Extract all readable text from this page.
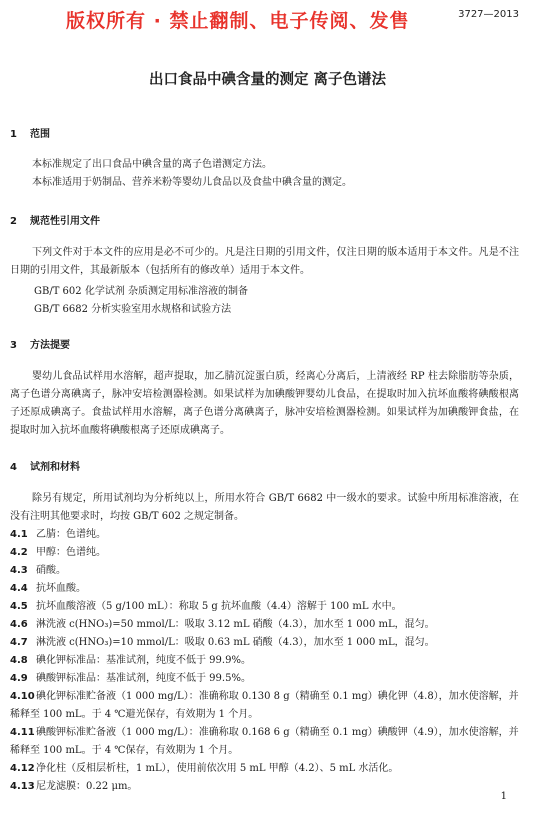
版权所有 · 禁止翻制、电子传阅、发售	3727—2013
出口食品中碘含量的测定 离子色谱法
1 范围
本标准规定了出口食品中碘含量的离子色谱测定方法。
本标准适用于奶制品、营养米粉等婴幼儿食品以及食盐中碘含量的测定。
2 规范性引用文件
下列文件对于本文件的应用是必不可少的。凡是注日期的引用文件，仅注日期的版本适用于本文件。凡是不注日期的引用文件，其最新版本（包括所有的修改单）适用于本文件。
GB/T 602 化学试剂 杂质测定用标准溶液的制备
GB/T 6682 分析实验室用水规格和试验方法
3 方法提要
婴幼儿食品试样用水溶解，超声提取，加乙腈沉淀蛋白质，经离心分离后，上清液经 RP 柱去除脂肪等杂质，离子色谱分离碘离子，脉冲安培检测器检测。如果试样为加碘酸钾婴幼儿食品，在提取时加入抗坏血酸将碘酸根离子还原成碘离子。食盐试样用水溶解，离子色谱分离碘离子，脉冲安培检测器检测。如果试样为加碘酸钾食盐，在提取时加入抗坏血酸将碘酸根离子还原成碘离子。
4 试剂和材料
除另有规定，所用试剂均为分析纯以上，所用水符合 GB/T 6682 中一级水的要求。试验中所用标准溶液，在没有注明其他要求时，均按 GB/T 602 之规定制备。
4.1 乙腈：色谱纯。
4.2 甲醇：色谱纯。
4.3 硝酸。
4.4 抗坏血酸。
4.5 抗坏血酸溶液（5 g/100 mL）：称取 5 g 抗坏血酸（4.4）溶解于 100 mL 水中。
4.6 淋洗液 c(HNO₃)=50 mmol/L：吸取 3.12 mL 硝酸（4.3），加水至 1 000 mL，混匀。
4.7 淋洗液 c(HNO₃)=10 mmol/L：吸取 0.63 mL 硝酸（4.3），加水至 1 000 mL，混匀。
4.8 碘化钾标准品：基准试剂，纯度不低于 99.9%。
4.9 碘酸钾标准品：基准试剂，纯度不低于 99.5%。
4.10碘化钾标准贮备液（1 000 mg/L）：准确称取 0.130 8 g（精确至 0.1 mg）碘化钾（4.8），加水使溶解，并稀释至 100 mL。于 4 ℃避光保存，有效期为 1 个月。
4.11碘酸钾标准贮备液（1 000 mg/L）：准确称取 0.168 6 g（精确至 0.1 mg）碘酸钾（4.9），加水使溶解，并稀释至 100 mL。于 4 ℃保存，有效期为 1 个月。
4.12净化柱（反相层析柱，1 mL），使用前依次用 5 mL 甲醇（4.2）、5 mL 水活化。
4.13尼龙滤膜：0.22 μm。
1
